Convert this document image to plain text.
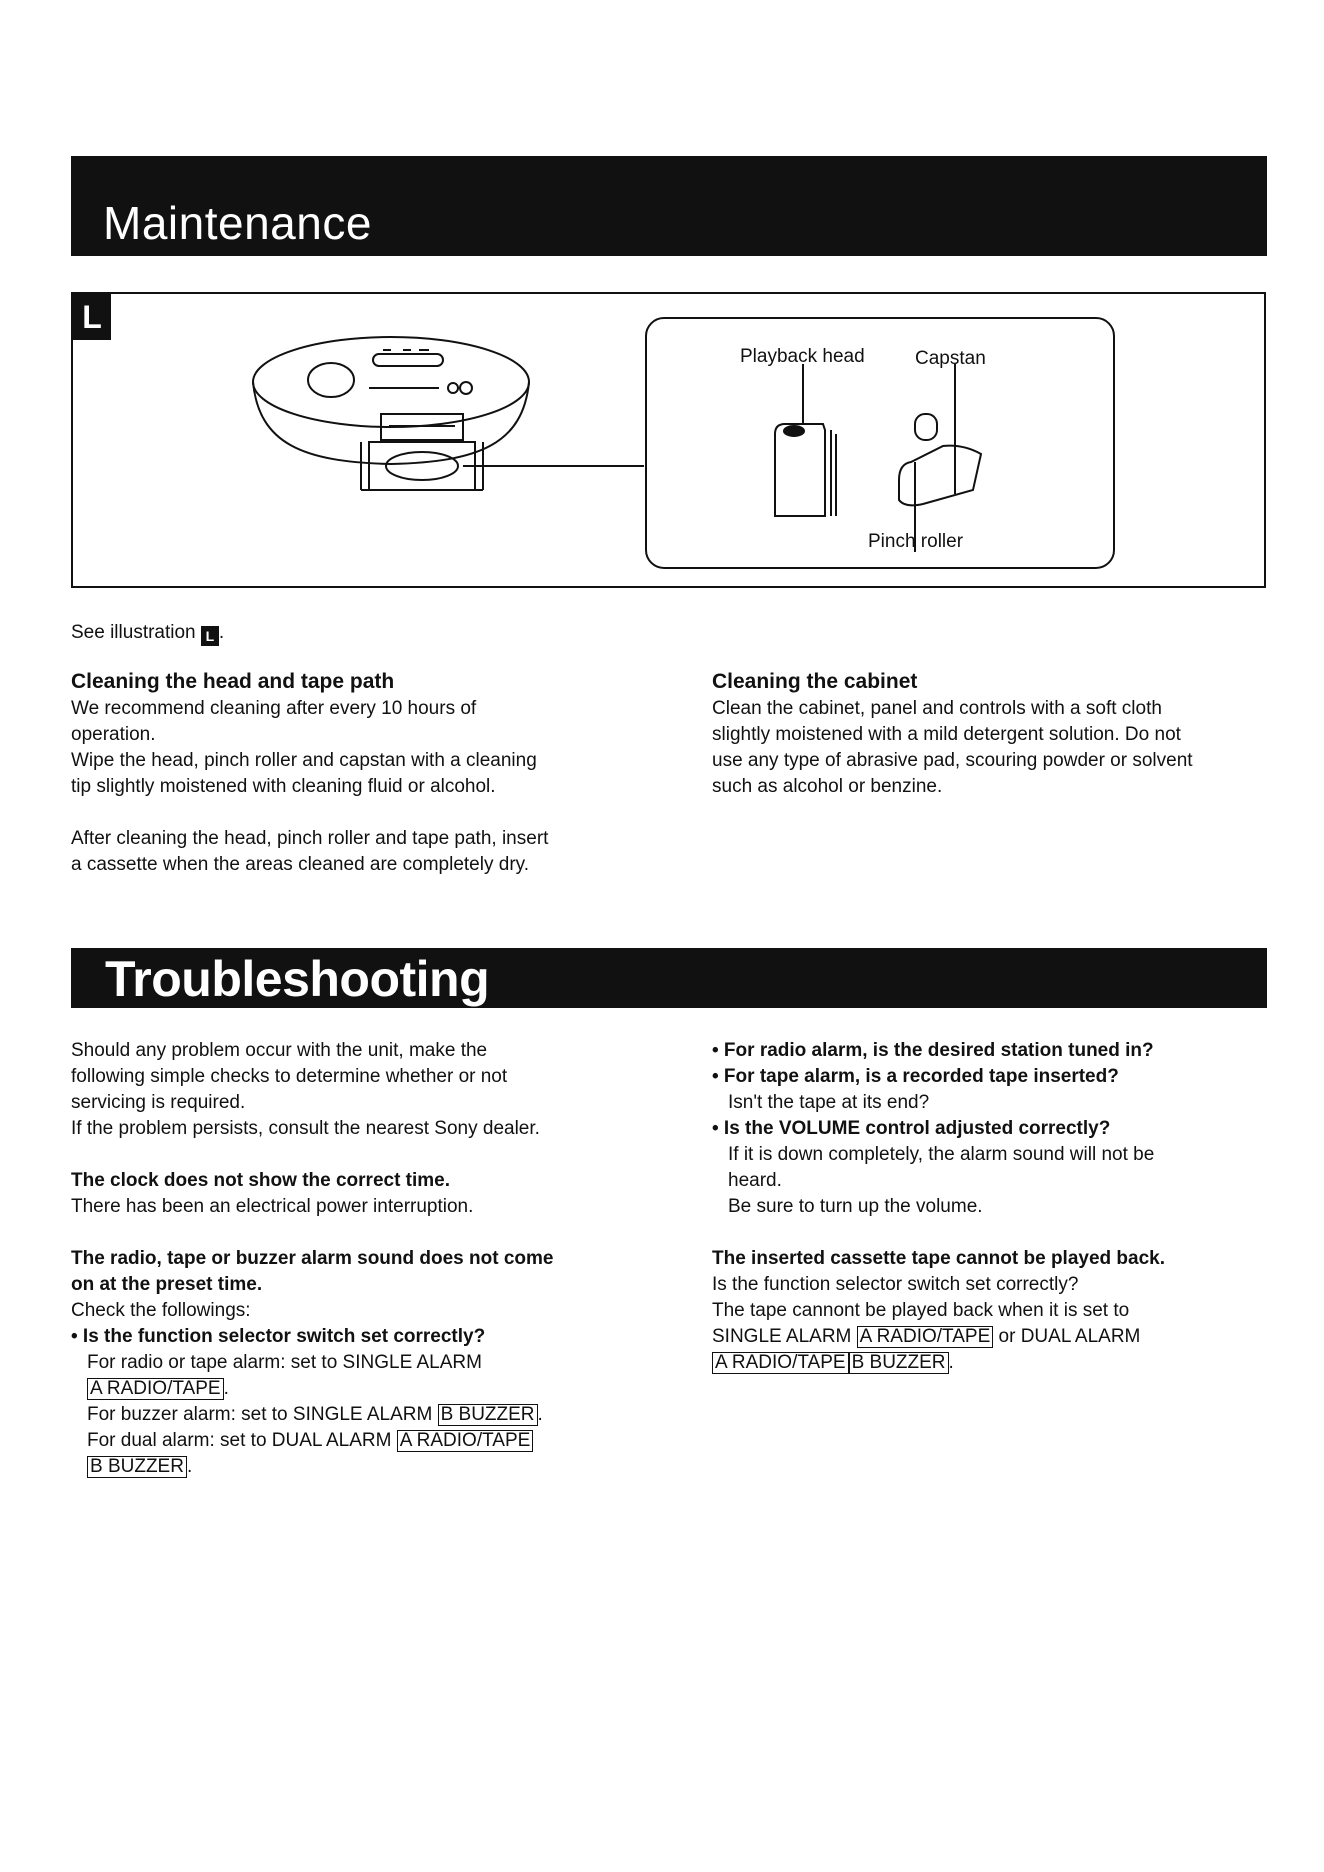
Maintenance
L
Playback head	Capstan
Pinch roller
See illustration L .

Cleaning the head and tape path

We recommend cleaning after every 10 hours of

operation.

Wipe the head, pinch roller and capstan with a cleaning

tip slightly moistened with cleaning fluid or alcohol.

After cleaning the head, pinch roller and tape path, insert

a cassette when the areas cleaned are completely dry.

Cleaning the cabinet

Clean the cabinet, panel and controls with a soft cloth

slightly moistened with a mild detergent solution. Do not

use any type of abrasive pad, scouring powder or solvent

such as alcohol or benzine.

Troubleshooting

Should any problem occur with the unit, make the

following simple checks to determine whether or not

servicing is required.

If the problem persists, consult the nearest Sony dealer.

The clock does not show the correct time.

There has been an electrical power interruption.

The radio, tape or buzzer alarm sound does not come

on at the preset time.

Check the followings:

• Is the function selector switch set correctly?

For radio or tape alarm: set to SINGLE ALARM

A RADIO/TAPE .

For buzzer alarm: set to SINGLE ALARM B BUZZER .

For dual alarm: set to DUAL ALARM A RADIO/TAPE

B BUZZER .

• For radio alarm, is the desired station tuned in?

• For tape alarm, is a recorded tape inserted?

Isn't the tape at its end?

• Is the VOLUME control adjusted correctly?

If it is down completely, the alarm sound will not be

heard.

Be sure to turn up the volume.

The inserted cassette tape cannot be played back.

Is the function selector switch set correctly?

The tape cannont be played back when it is set to

SINGLE ALARM A RADIO/TAPE or DUAL ALARM

A RADIO/TAPE B BUZZER .
